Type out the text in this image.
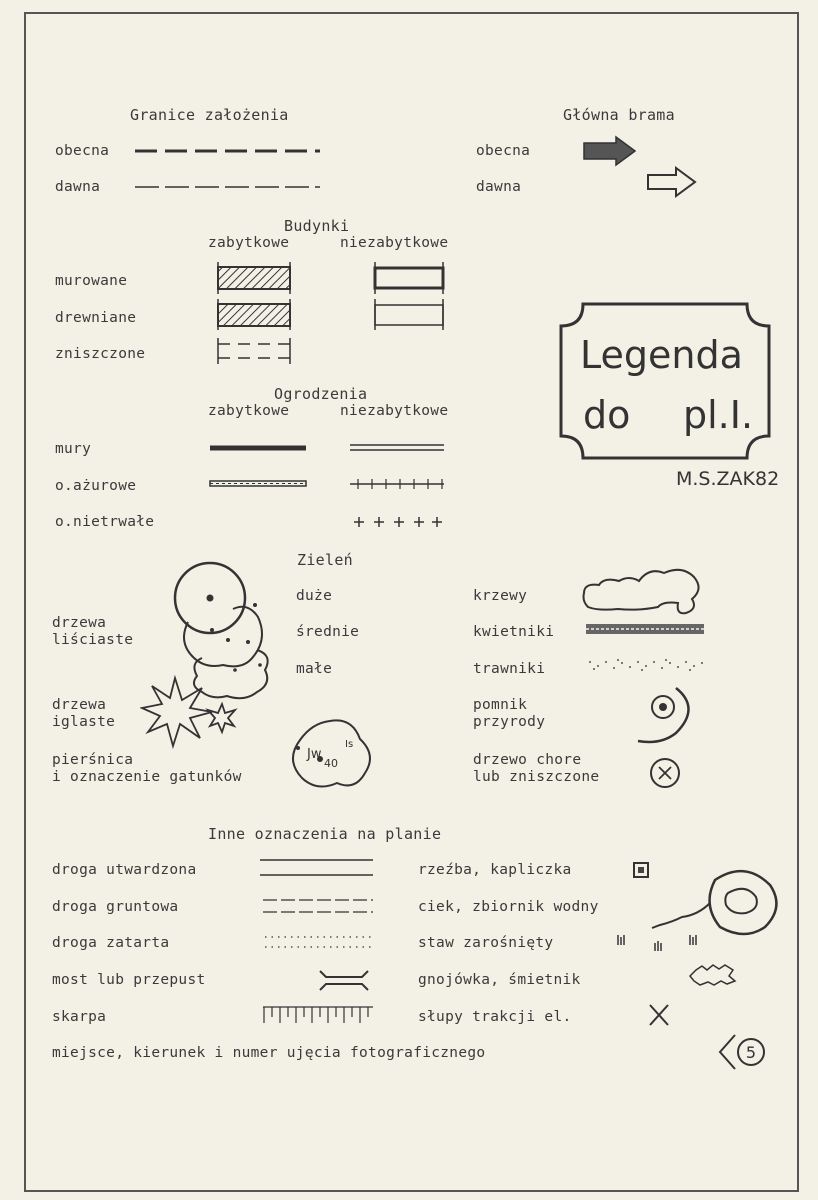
Granice założenia
obecna
dawna
Główna brama
obecna
dawna
Budynki
zabytkowe	niezabytkowe
murowane
drewniane
zniszczone	Legenda
do pl.I.
M.S.ZAK82
Ogrodzenia
zabytkowe	niezabytkowe
mury
o.ażurowe
o.nietrwałe
Zieleń
duże
średnie
małe
drzewa
liściaste
drzewa
iglaste
pierśnica
i oznaczenie gatunków
Jw
40
Is
krzewy
kwietniki
trawniki
pomnik
przyrody
drzewo chore
lub zniszczone
Inne oznaczenia na planie
droga utwardzona
droga gruntowa
droga zatarta
most lub przepust
skarpa
rzeźba, kapliczka
ciek, zbiornik wodny
staw zarośnięty
gnojówka, śmietnik
słupy trakcji el.
miejsce, kierunek i numer ujęcia fotograficznego	5
